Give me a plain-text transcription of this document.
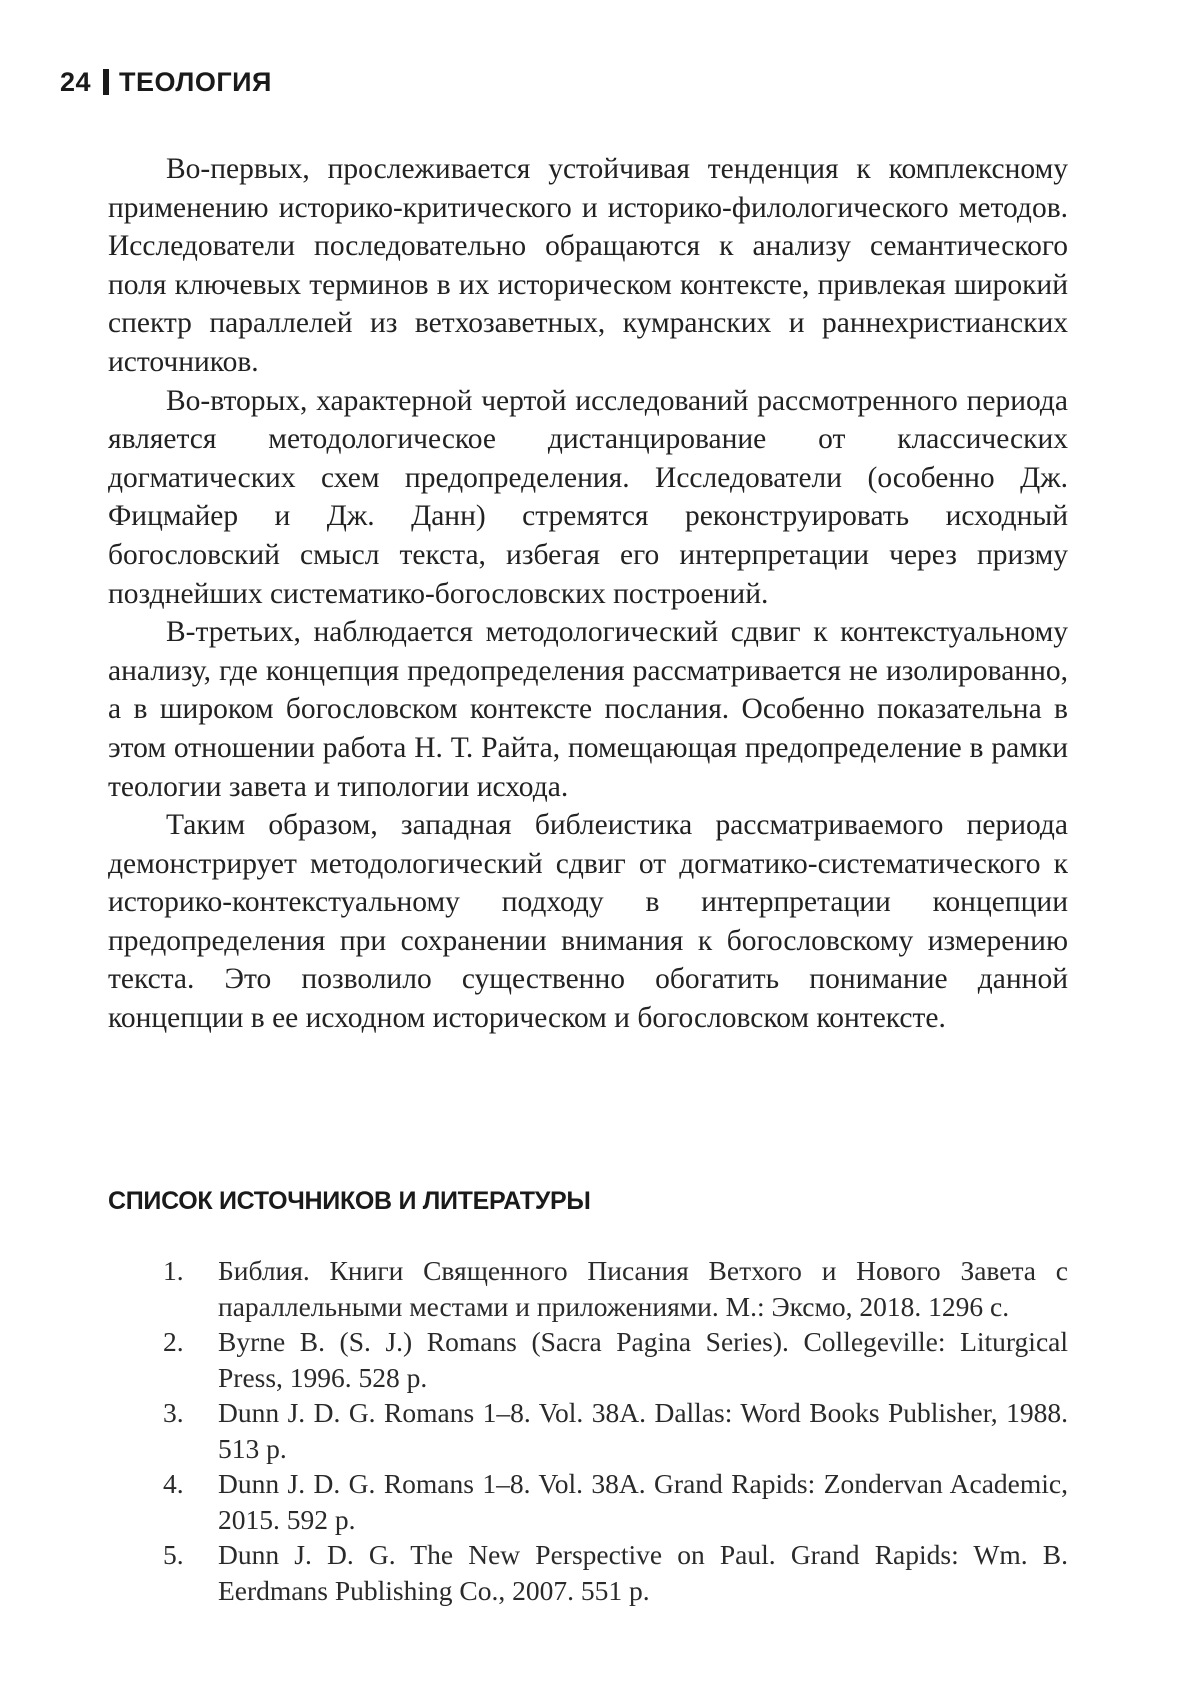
24 ТЕОЛОГИЯ

Во-первых, прослеживается устойчивая тенденция к комплексному применению историко-критического и историко-филологического методов. Исследователи последовательно обращаются к анализу семантического поля ключевых терминов в их историческом контексте, привлекая широкий спектр параллелей из ветхозаветных, кумранских и раннехристианских источников.

Во-вторых, характерной чертой исследований рассмотренного периода является методологическое дистанцирование от классических догматических схем предопределения. Исследователи (особенно Дж. Фицмайер и Дж. Данн) стремятся реконструировать исходный богословский смысл текста, избегая его интерпретации через призму позднейших систематико-богословских построений.

В-третьих, наблюдается методологический сдвиг к контекстуальному анализу, где концепция предопределения рассматривается не изолированно, а в широком богословском контексте послания. Особенно показательна в этом отношении работа Н. Т. Райта, помещающая предопределение в рамки теологии завета и типологии исхода.

Таким образом, западная библеистика рассматриваемого периода демонстрирует методологический сдвиг от догматико-систематического к историко-контекстуальному подходу в интерпретации концепции предопределения при сохранении внимания к богословскому измерению текста. Это позволило существенно обогатить понимание данной концепции в ее исходном историческом и богословском контексте.

СПИСОК ИСТОЧНИКОВ И ЛИТЕРАТУРЫ
1. Библия. Книги Священного Писания Ветхого и Нового Завета с параллельными местами и приложениями. М.: Эксмо, 2018. 1296 с.
2. Byrne B. (S. J.) Romans (Sacra Pagina Series). Collegeville: Liturgical Press, 1996. 528 p.
3. Dunn J. D. G. Romans 1–8. Vol. 38A. Dallas: Word Books Publisher, 1988. 513 p.
4. Dunn J. D. G. Romans 1–8. Vol. 38A. Grand Rapids: Zondervan Academic, 2015. 592 p.
5. Dunn J. D. G. The New Perspective on Paul. Grand Rapids: Wm. B. Eerdmans Publishing Co., 2007. 551 p.
